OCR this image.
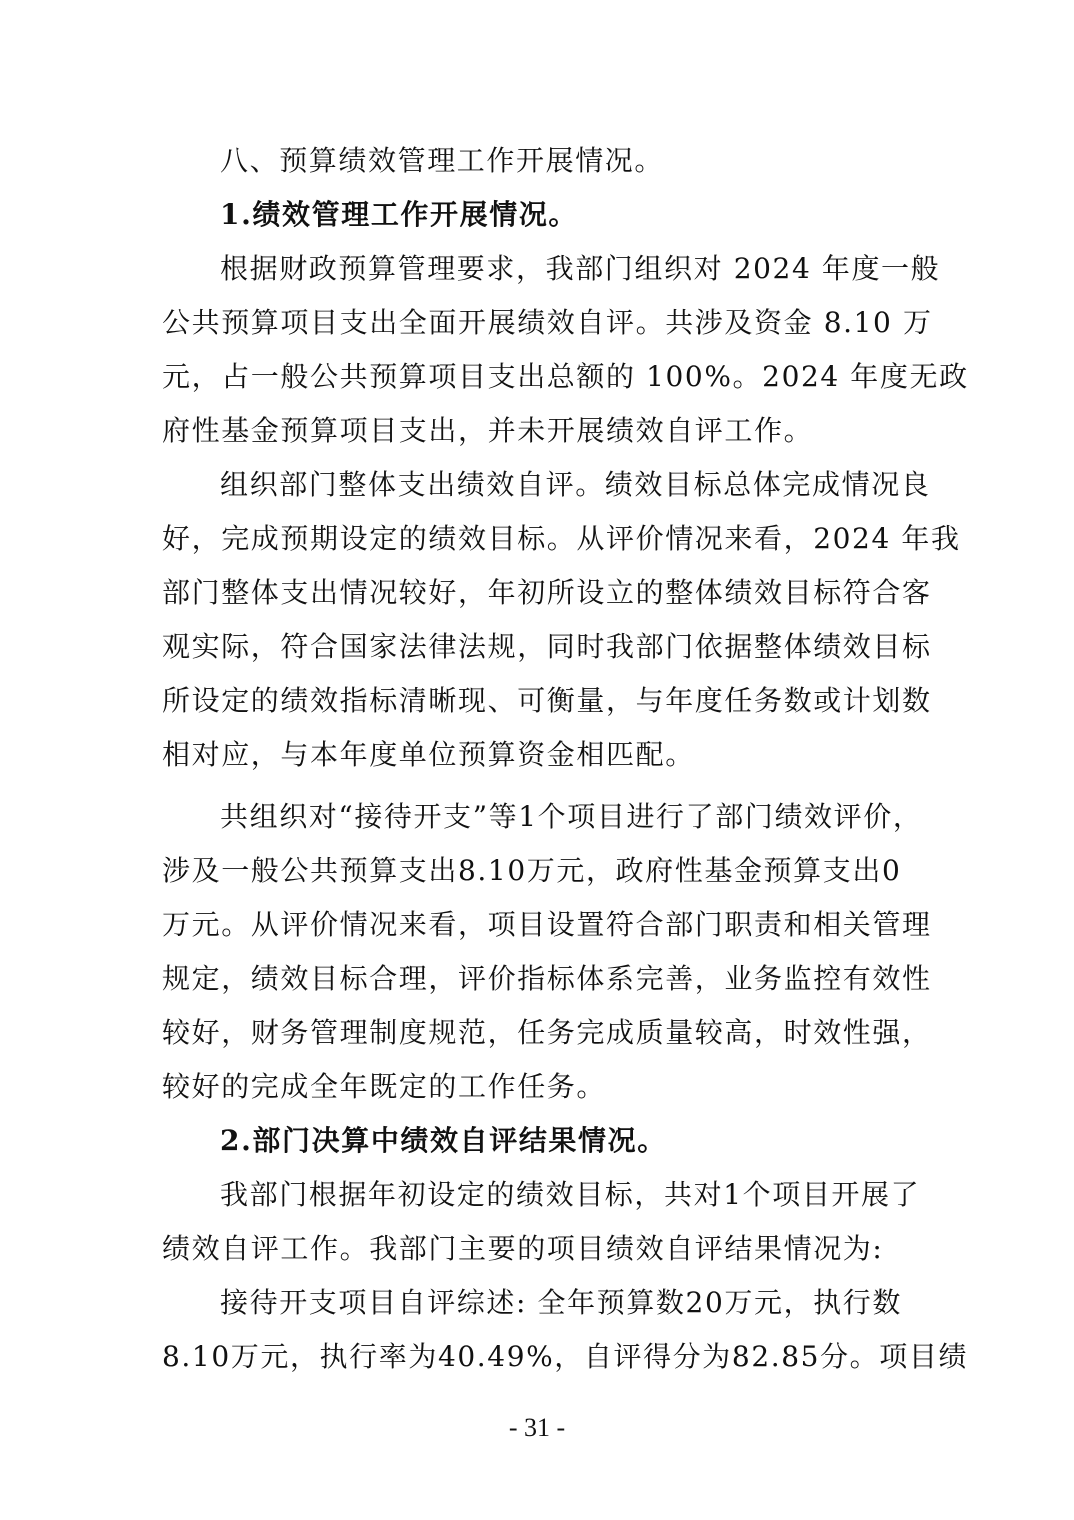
八、预算绩效管理工作开展情况。
1.绩效管理工作开展情况。
根据财政预算管理要求，我部门组织对 2024 年度一般
公共预算项目支出全面开展绩效自评。共涉及资金 8.10 万
元，占一般公共预算项目支出总额的 100%。2024 年度无政
府性基金预算项目支出，并未开展绩效自评工作。
组织部门整体支出绩效自评。绩效目标总体完成情况良
好，完成预期设定的绩效目标。从评价情况来看，2024 年我
部门整体支出情况较好，年初所设立的整体绩效目标符合客
观实际，符合国家法律法规，同时我部门依据整体绩效目标
所设定的绩效指标清晰现、可衡量，与年度任务数或计划数
相对应，与本年度单位预算资金相匹配。
共组织对“接待开支”等1个项目进行了部门绩效评价，
涉及一般公共预算支出8.10万元，政府性基金预算支出0
万元。从评价情况来看，项目设置符合部门职责和相关管理
规定，绩效目标合理，评价指标体系完善，业务监控有效性
较好，财务管理制度规范，任务完成质量较高，时效性强，
较好的完成全年既定的工作任务。
2.部门决算中绩效自评结果情况。
我部门根据年初设定的绩效目标，共对1个项目开展了
绩效自评工作。我部门主要的项目绩效自评结果情况为:
接待开支项目自评综述: 全年预算数20万元，执行数
8.10万元，执行率为40.49%，自评得分为82.85分。项目绩
- 31 -
